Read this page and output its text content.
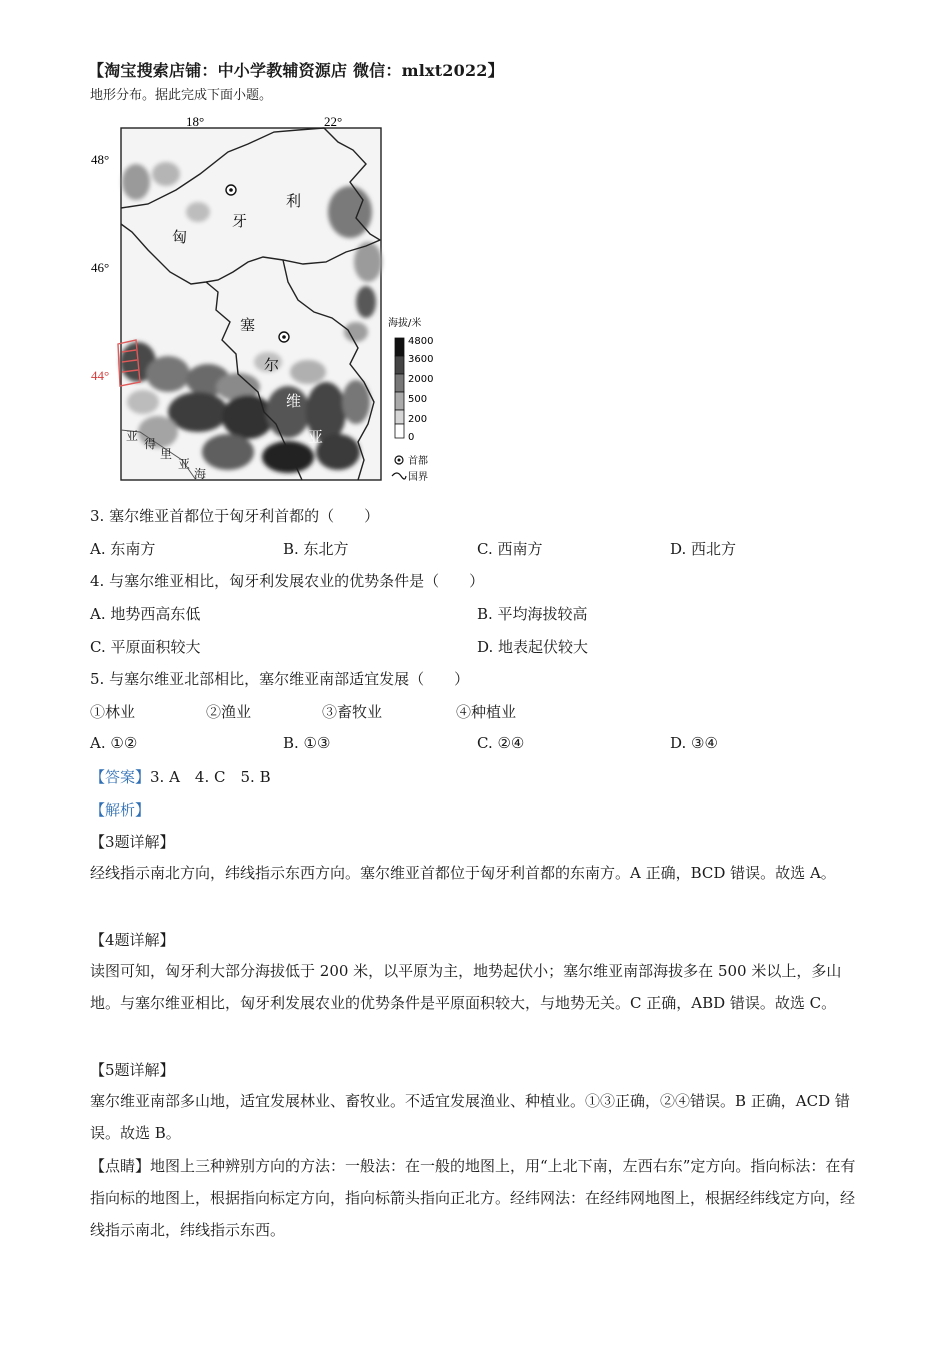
【淘宝搜索店铺：中小学教辅资源店 微信：mlxt2022】
地形分布。据此完成下面小题。
18°	22°
48°
46°
44°
匈
牙
利
塞
尔
维
亚
亚
得
里
亚
海
海拔/米
4800
3600
2000
500
200
0
首都
国界
3. 塞尔维亚首都位于匈牙利首都的（　　）
A. 东南方	B. 东北方	C. 西南方	D. 西北方
4. 与塞尔维亚相比，匈牙利发展农业的优势条件是（　　）
A. 地势西高东低	B. 平均海拔较高
C. 平原面积较大	D. 地表起伏较大
5. 与塞尔维亚北部相比，塞尔维亚南部适宜发展（　　）
①林业	②渔业	③畜牧业	④种植业
A. ①②	B. ①③	C. ②④	D. ③④
【答案】3. A　4. C　5. B
【解析】
【3题详解】
经线指示南北方向，纬线指示东西方向。塞尔维亚首都位于匈牙利首都的东南方。A 正确，BCD 错误。故选 A。
【4题详解】
读图可知，匈牙利大部分海拔低于 200 米，以平原为主，地势起伏小；塞尔维亚南部海拔多在 500 米以上，多山地。与塞尔维亚相比，匈牙利发展农业的优势条件是平原面积较大，与地势无关。C 正确，ABD 错误。故选 C。
【5题详解】
塞尔维亚南部多山地，适宜发展林业、畜牧业。不适宜发展渔业、种植业。①③正确，②④错误。B 正确，ACD 错误。故选 B。
【点睛】地图上三种辨别方向的方法：一般法：在一般的地图上，用“上北下南，左西右东”定方向。指向标法：在有指向标的地图上，根据指向标定方向，指向标箭头指向正北方。经纬网法：在经纬网地图上，根据经纬线定方向，经线指示南北，纬线指示东西。
